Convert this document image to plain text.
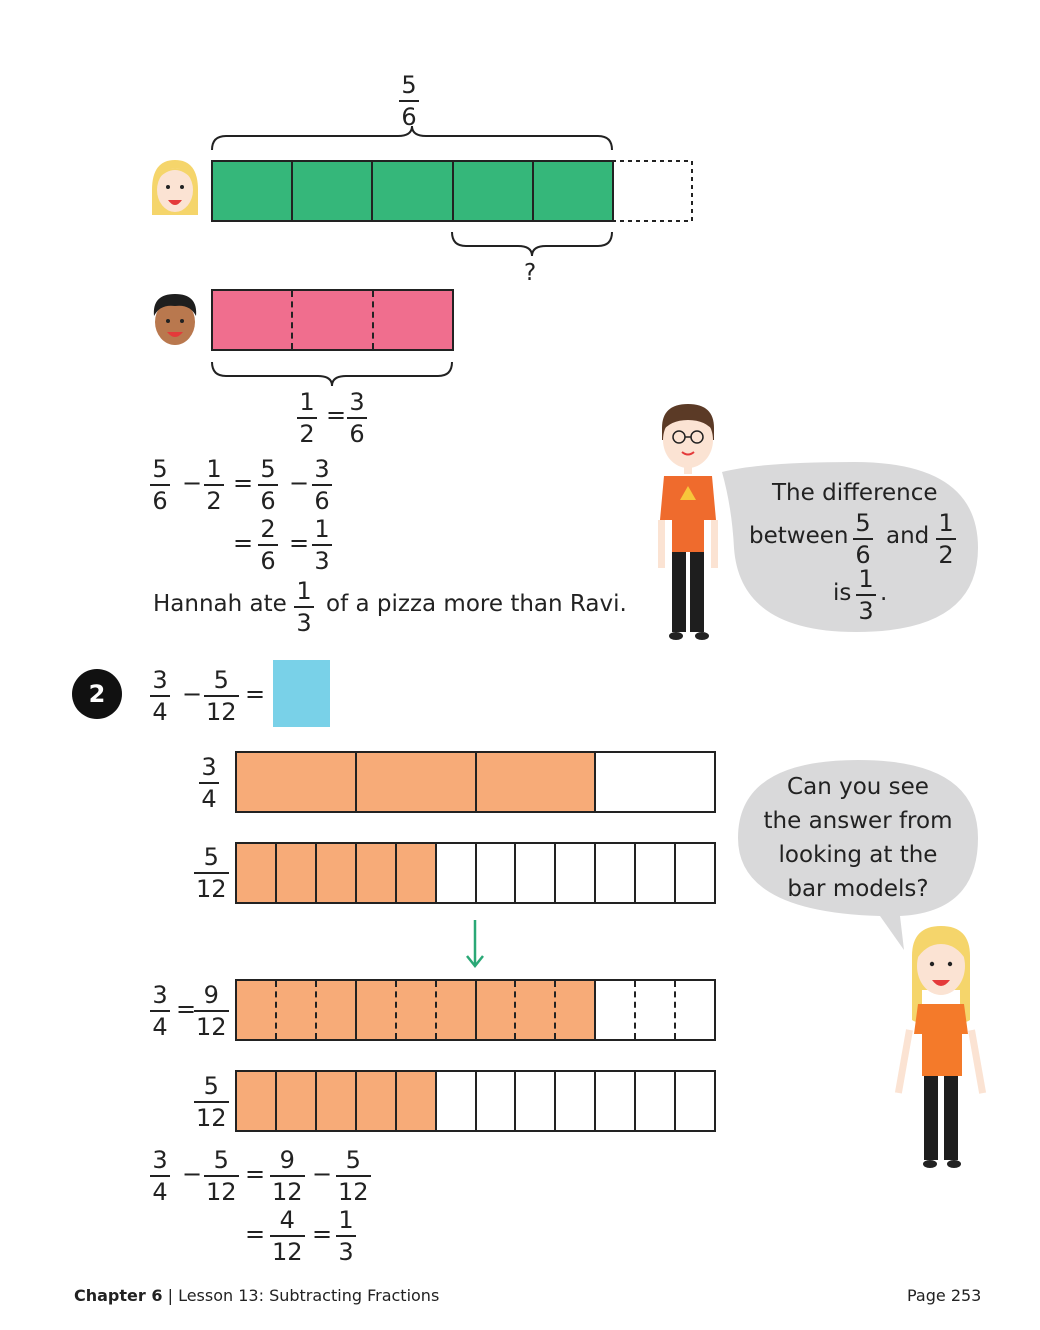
5
6
?
1
2
= 3
6
5
6
− 1
2
= 5
6
− 3
6
= 2
6
= 1
3
Hannah ate 1
3
of a pizza more than Ravi.
The difference
between 5
6
and 1
2
is 1
3
.
2	3
4
− 5
12
=
3
4
5
12
3
4
= 9
12
5
12
3
4
− 5
12
= 9
12
− 5
12
= 4
12
= 1
3
Can you see
the answer from
looking at the
bar models?
Chapter 6 | Lesson 13: Subtracting Fractions	Page 253
